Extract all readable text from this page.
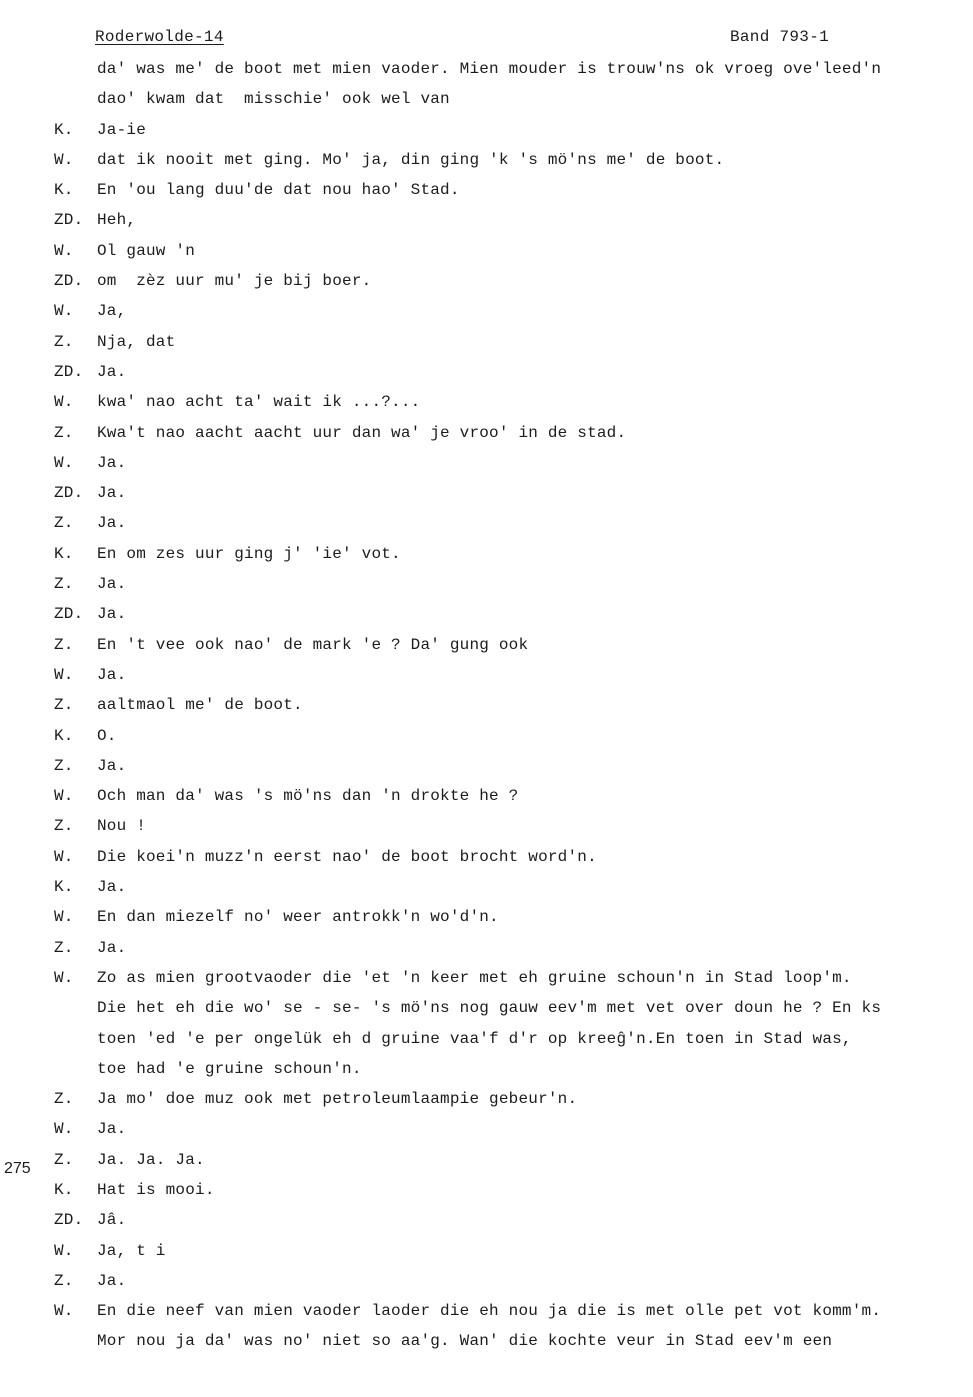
Roderwolde-14	Band 793-1
275
da' was me' de boot met mien vaoder. Mien mouder is trouw'ns ok vroeg ove'leed'n
dao' kwam dat  misschie' ook wel van
K. Ja-ie
W. dat ik nooit met ging. Mo' ja, din ging 'k 's mö'ns me' de boot.
K. En 'ou lang duu'de dat nou hao' Stad.
ZD. Heh,
W. Ol gauw 'n
ZD. om  zèz uur mu' je bij boer.
W. Ja,
Z. Nja, dat
ZD. Ja.
W. kwa' nao acht ta' wait ik ...?...
Z. Kwa't nao aacht aacht uur dan wa' je vroo' in de stad.
W. Ja.
ZD. Ja.
Z. Ja.
K. En om zes uur ging j' 'ie' vot.
Z. Ja.
ZD. Ja.
Z. En 't vee ook nao' de mark 'e ? Da' gung ook
W. Ja.
Z. aaltmaol me' de boot.
K. O.
Z. Ja.
W. Och man da' was 's mö'ns dan 'n drokte he ?
Z. Nou !
W. Die koei'n muzz'n eerst nao' de boot brocht word'n.
K. Ja.
W. En dan miezelf no' weer antrokk'n wo'd'n.
Z. Ja.
W. Zo as mien grootvaoder die 'et 'n keer met eh gruine schoun'n in Stad loop'm.
Die het eh die wo' se - se- 's mö'ns nog gauw eev'm met vet over doun he ? En ks
toen 'ed 'e per ongelük eh d gruine vaa'f d'r op kreeĝ'n.En toen in Stad was,
toe had 'e gruine schoun'n.
Z. Ja mo' doe muz ook met petroleumlaampie gebeur'n.
W. Ja.
Z. Ja. Ja. Ja.
K. Hat is mooi.
ZD. Jâ.
W. Ja, t i
Z. Ja.
W. En die neef van mien vaoder laoder die eh nou ja die is met olle pet vot komm'm.
Mor nou ja da' was no' niet so aa'g. Wan' die kochte veur in Stad eev'm een
